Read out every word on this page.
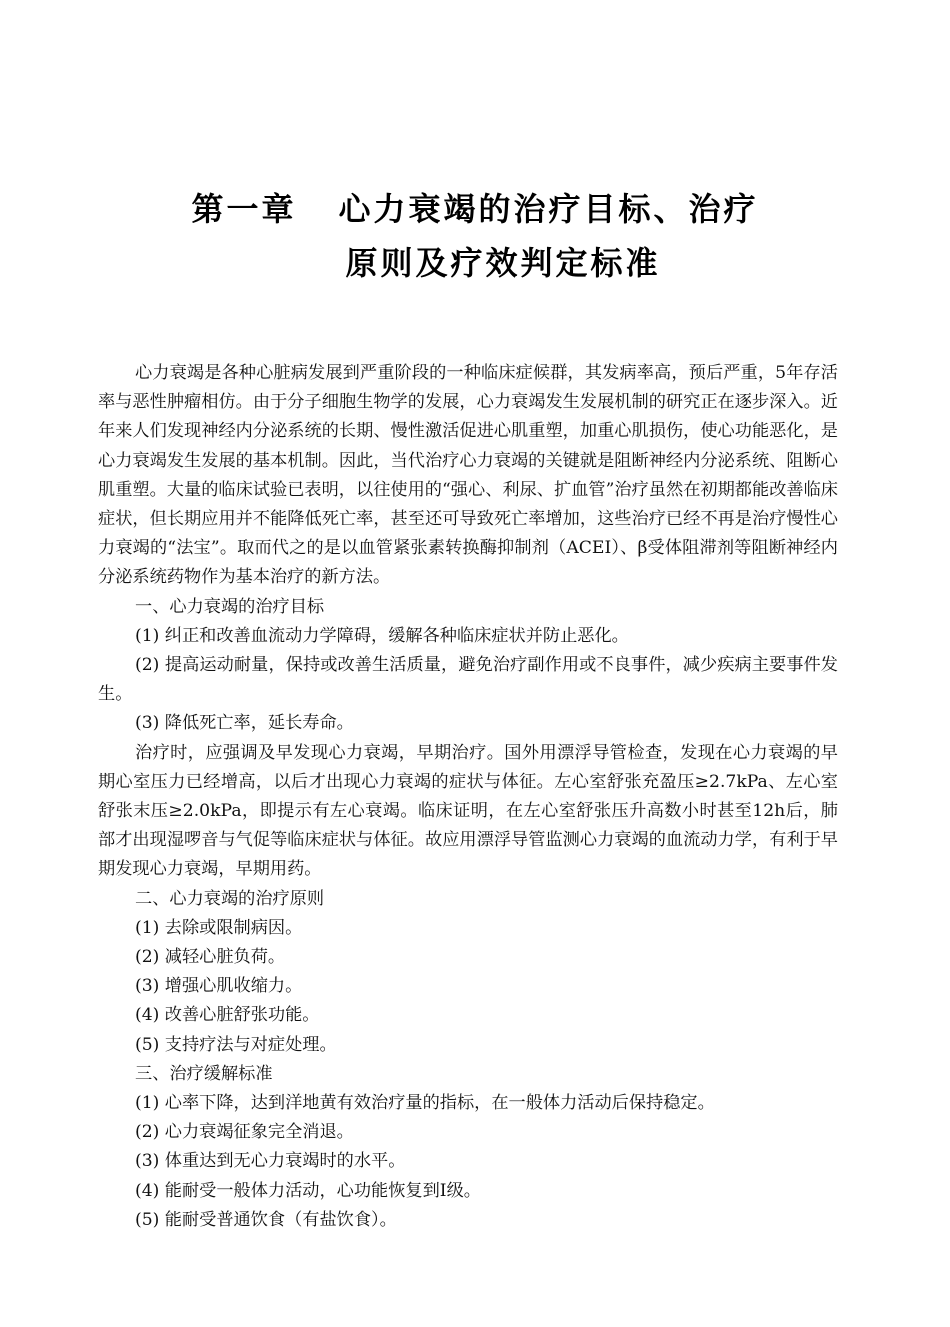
第一章 心力衰竭的治疗目标、治疗
原则及疗效判定标准

心力衰竭是各种心脏病发展到严重阶段的一种临床症候群，其发病率高，预后严重，5年存活率与恶性肿瘤相仿。由于分子细胞生物学的发展，心力衰竭发生发展机制的研究正在逐步深入。近年来人们发现神经内分泌系统的长期、慢性激活促进心肌重塑，加重心肌损伤，使心功能恶化，是心力衰竭发生发展的基本机制。因此，当代治疗心力衰竭的关键就是阻断神经内分泌系统、阻断心肌重塑。大量的临床试验已表明，以往使用的“强心、利尿、扩血管”治疗虽然在初期都能改善临床症状，但长期应用并不能降低死亡率，甚至还可导致死亡率增加，这些治疗已经不再是治疗慢性心力衰竭的“法宝”。取而代之的是以血管紧张素转换酶抑制剂（ACEI）、β受体阻滞剂等阻断神经内分泌系统药物作为基本治疗的新方法。

一、心力衰竭的治疗目标

(1) 纠正和改善血流动力学障碍，缓解各种临床症状并防止恶化。

(2) 提高运动耐量，保持或改善生活质量，避免治疗副作用或不良事件，减少疾病主要事件发生。

(3) 降低死亡率，延长寿命。

治疗时，应强调及早发现心力衰竭，早期治疗。国外用漂浮导管检查，发现在心力衰竭的早期心室压力已经增高，以后才出现心力衰竭的症状与体征。左心室舒张充盈压≥2.7kPa、左心室舒张末压≥2.0kPa，即提示有左心衰竭。临床证明，在左心室舒张压升高数小时甚至12h后，肺部才出现湿啰音与气促等临床症状与体征。故应用漂浮导管监测心力衰竭的血流动力学，有利于早期发现心力衰竭，早期用药。

二、心力衰竭的治疗原则

(1) 去除或限制病因。

(2) 减轻心脏负荷。

(3) 增强心肌收缩力。

(4) 改善心脏舒张功能。

(5) 支持疗法与对症处理。

三、治疗缓解标准

(1) 心率下降，达到洋地黄有效治疗量的指标，在一般体力活动后保持稳定。

(2) 心力衰竭征象完全消退。

(3) 体重达到无心力衰竭时的水平。

(4) 能耐受一般体力活动，心功能恢复到Ⅰ级。

(5) 能耐受普通饮食（有盐饮食）。
